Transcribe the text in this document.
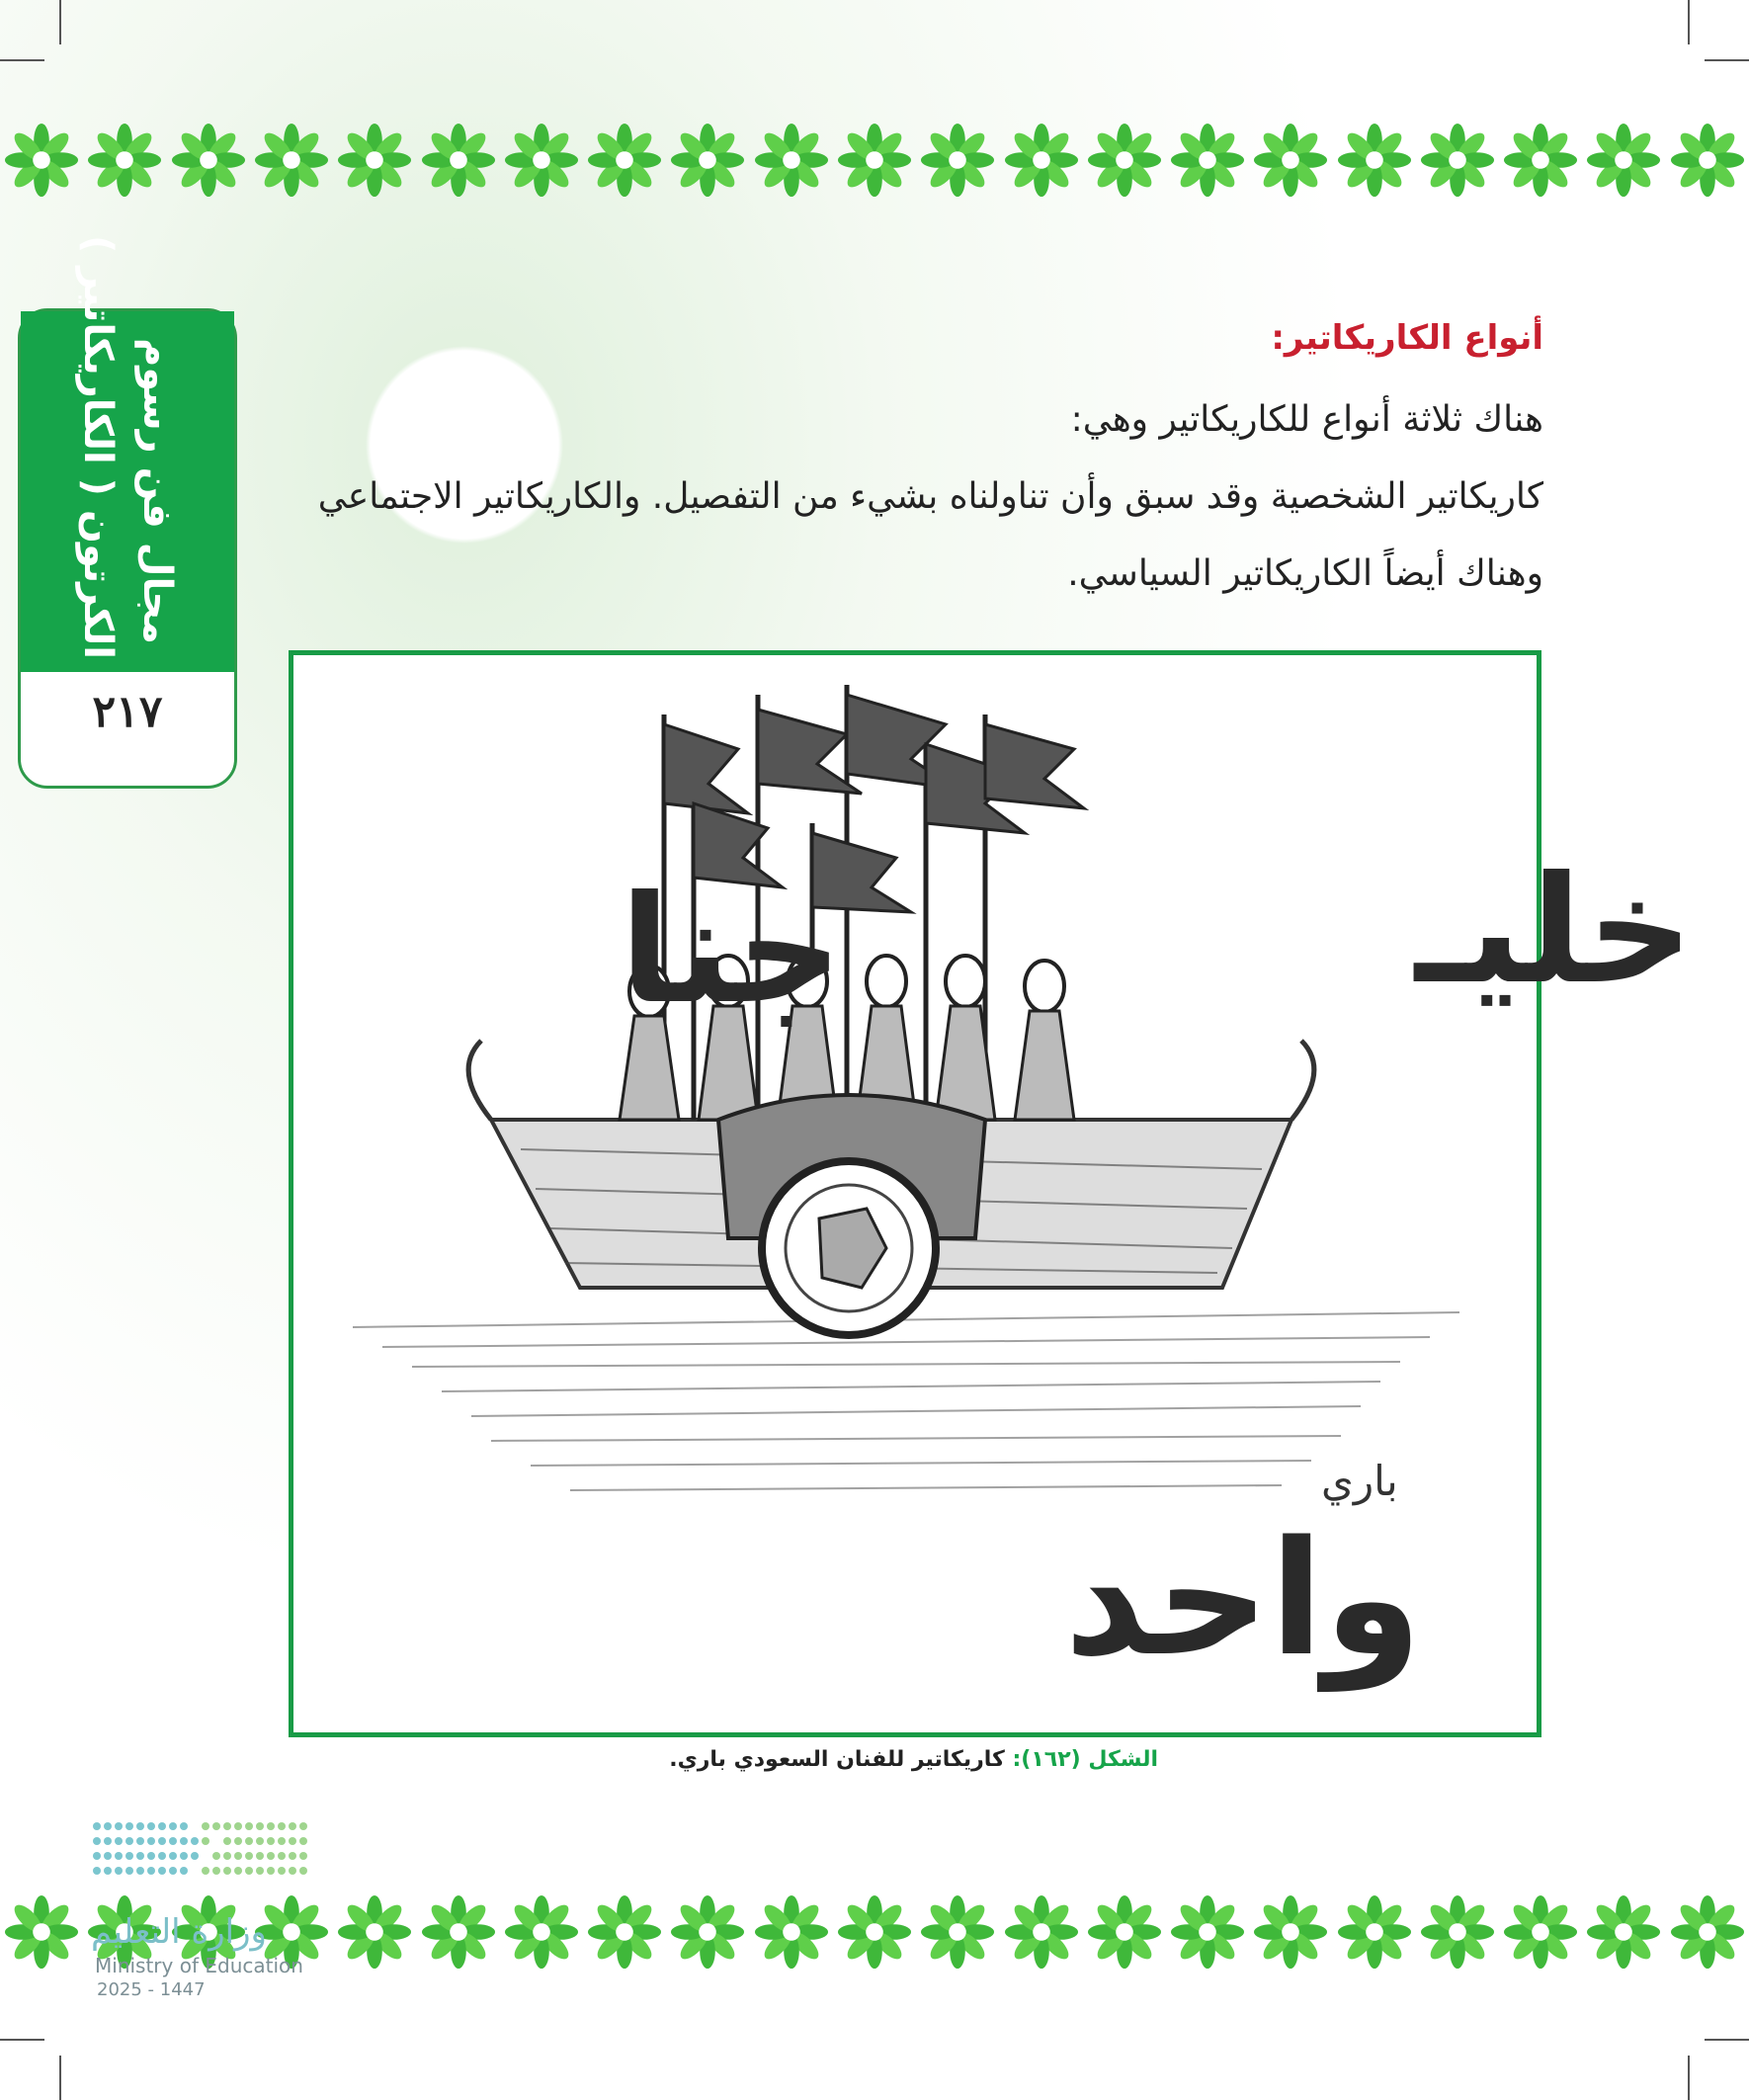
مجال فن رسوم
الكرتون ( الكاريكاتير )
٢١٧
أنواع الكاريكاتير:

هناك ثلاثة أنواع للكاريكاتير وهي:

كاريكاتير الشخصية وقد سبق وأن تناولناه بشيء من التفصيل. والكاريكاتير الاجتماعي

وهناك أيضاً الكاريكاتير السياسي.

خليـ
جنا
واحد
باري
الشكل (١٦٢): كاريكاتير للفنان السعودي باري.
وزارة التعليم
Ministry of Education
2025 - 1447
